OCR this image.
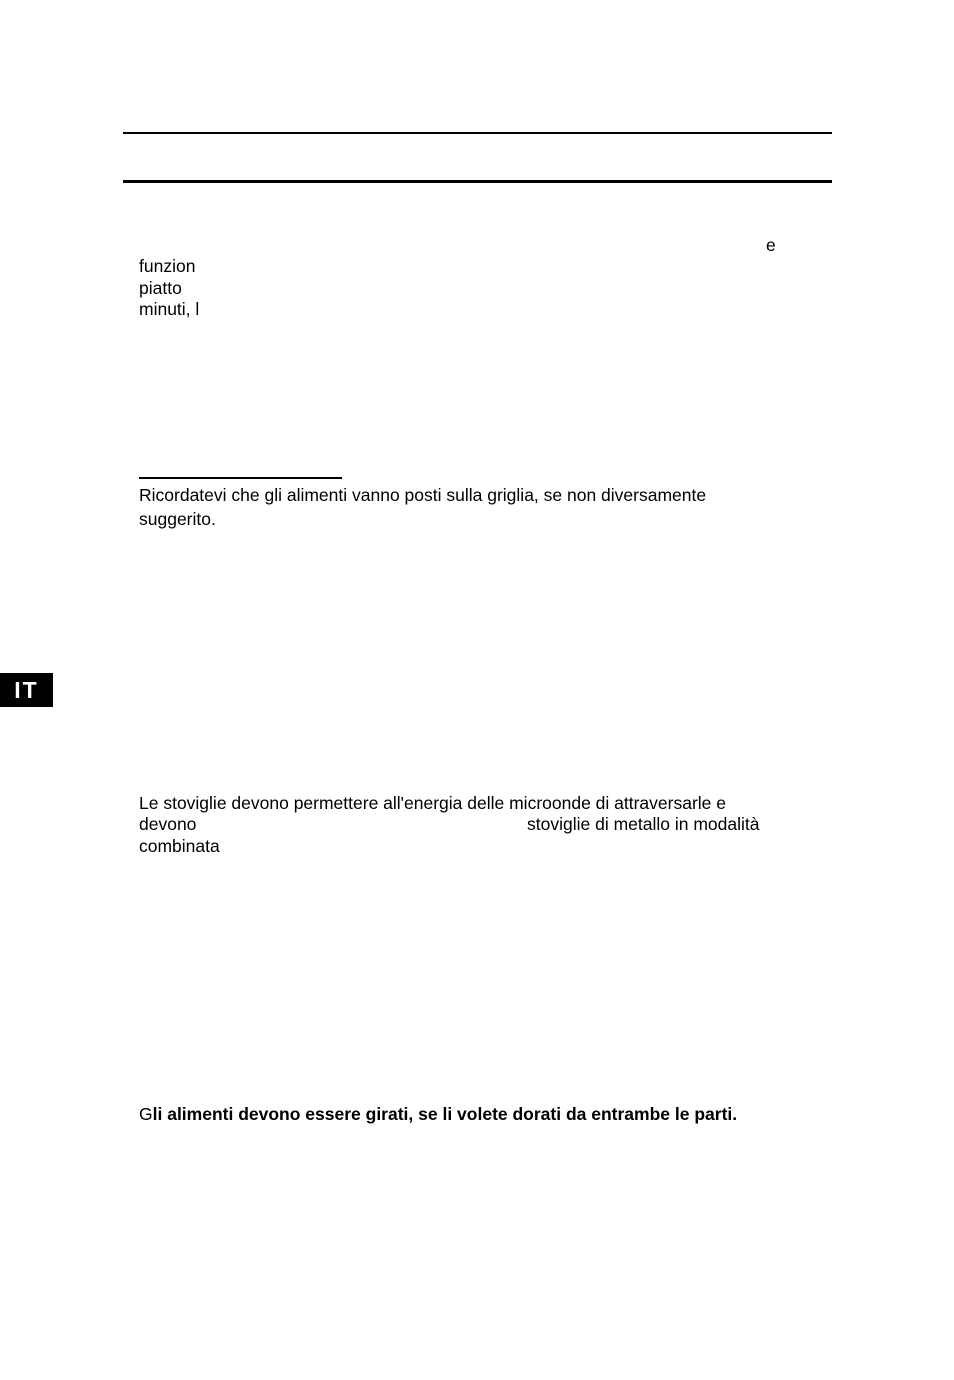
e
funzion
piatto
minuti, l
Ricordatevi che gli alimenti vanno posti sulla griglia, se non diversamente
suggerito.
IT
Le stoviglie devono permettere all'energia delle microonde di attraversarle e
devono	stoviglie di metallo in modalità
combinata
Gli alimenti devono essere girati, se li volete dorati da entrambe le parti.
